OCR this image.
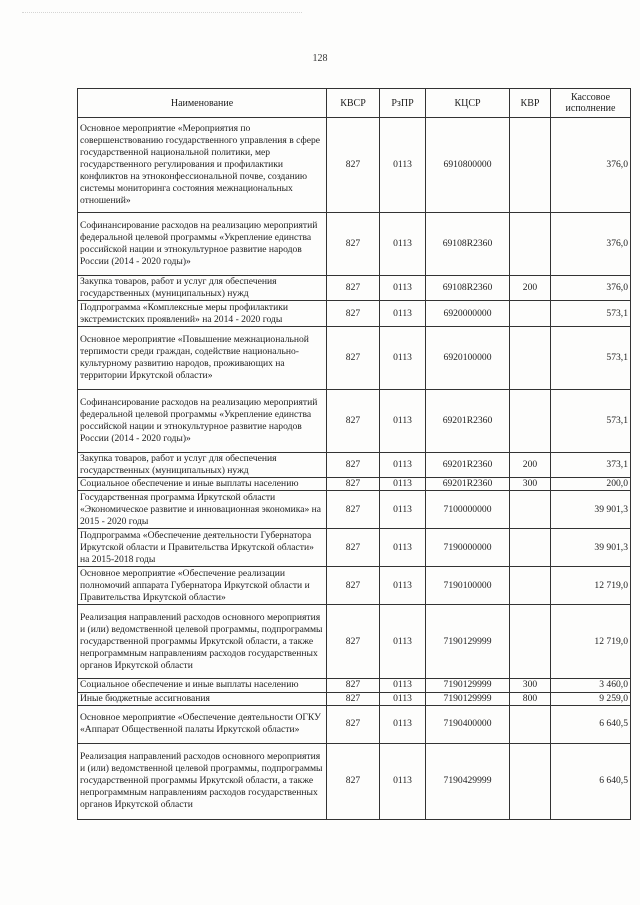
128
Наименование	КВСР	РзПР	КЦСР	КВР	Кассовое исполнение
Основное мероприятие «Мероприятия по совершенствованию государственного управления в сфере государственной национальной политики, мер государственного регулирования и профилактики конфликтов на этноконфессиональной почве, созданию системы мониторинга состояния межнациональных отношений»	827	0113	6910800000		376,0
Софинансирование расходов на реализацию мероприятий федеральной целевой программы «Укрепление единства российской нации и этнокультурное развитие народов России (2014 - 2020 годы)»	827	0113	69108R2360		376,0
Закупка товаров, работ и услуг для обеспечения государственных (муниципальных) нужд	827	0113	69108R2360	200	376,0
Подпрограмма «Комплексные меры профилактики экстремистских проявлений» на 2014 - 2020 годы	827	0113	6920000000		573,1
Основное мероприятие «Повышение межнациональной терпимости среди граждан, содействие национально-культурному развитию народов, проживающих на территории Иркутской области»	827	0113	6920100000		573,1
Софинансирование расходов на реализацию мероприятий федеральной целевой программы «Укрепление единства российской нации и этнокультурное развитие народов России (2014 - 2020 годы)»	827	0113	69201R2360		573,1
Закупка товаров, работ и услуг для обеспечения государственных (муниципальных) нужд	827	0113	69201R2360	200	373,1
Социальное обеспечение и иные выплаты населению	827	0113	69201R2360	300	200,0
Государственная программа Иркутской области «Экономическое развитие и инновационная экономика» на 2015 - 2020 годы	827	0113	7100000000		39 901,3
Подпрограмма «Обеспечение деятельности Губернатора Иркутской области и Правительства Иркутской области» на 2015-2018 годы	827	0113	7190000000		39 901,3
Основное мероприятие «Обеспечение реализации полномочий аппарата Губернатора Иркутской области и Правительства Иркутской области»	827	0113	7190100000		12 719,0
Реализация направлений расходов основного мероприятия и (или) ведомственной целевой программы, подпрограммы государственной программы Иркутской области, а также непрограммным направлениям расходов государственных органов Иркутской области	827	0113	7190129999		12 719,0
Социальное обеспечение и иные выплаты населению	827	0113	7190129999	300	3 460,0
Иные бюджетные ассигнования	827	0113	7190129999	800	9 259,0
Основное мероприятие «Обеспечение деятельности ОГКУ «Аппарат Общественной палаты Иркутской области»	827	0113	7190400000		6 640,5
Реализация направлений расходов основного мероприятия и (или) ведомственной целевой программы, подпрограммы государственной программы Иркутской области, а также непрограммным направлениям расходов государственных органов Иркутской области	827	0113	7190429999		6 640,5
